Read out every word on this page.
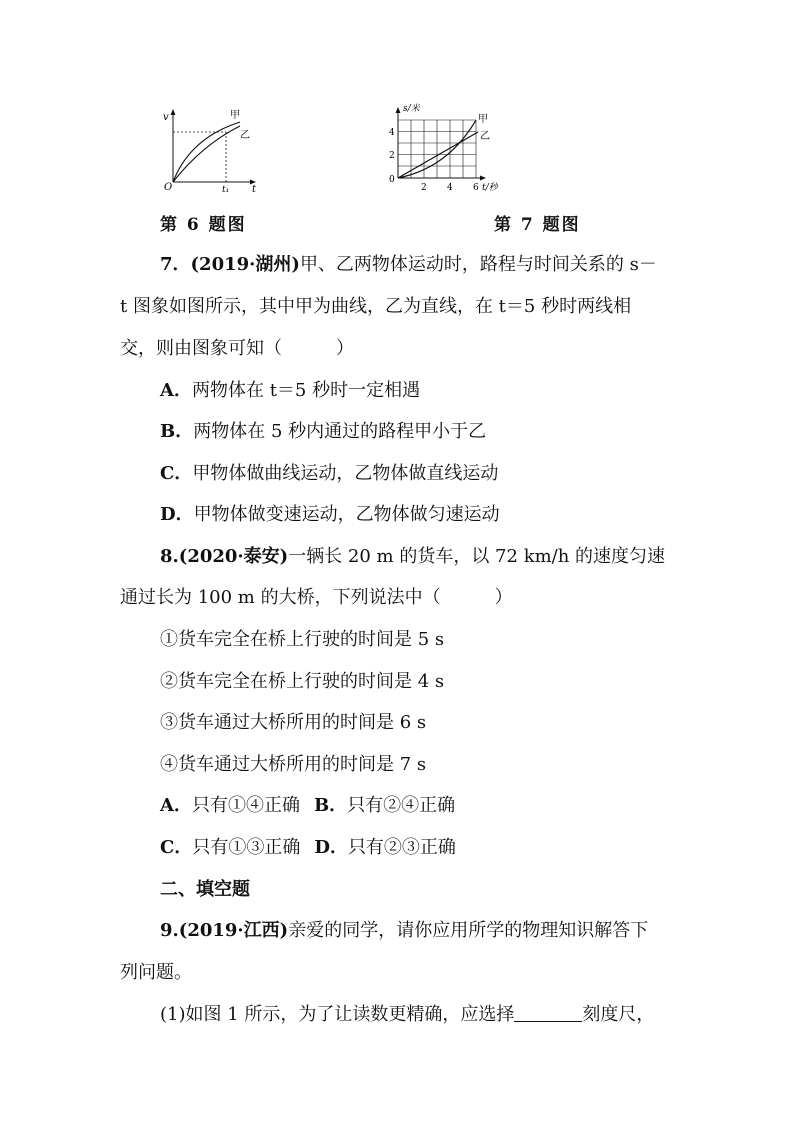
v
t
O	t₁
甲
乙
第 6 题图
s/米
t/秒
0
2
4
2 4 6
甲
乙
第 7 题图
7．(2019·湖州)甲、乙两物体运动时，路程与时间关系的 s－
t 图象如图所示，其中甲为曲线，乙为直线，在 t＝5 秒时两线相
交，则由图象可知（　　　）
A．两物体在 t＝5 秒时一定相遇
B．两物体在 5 秒内通过的路程甲小于乙
C．甲物体做曲线运动，乙物体做直线运动
D．甲物体做变速运动，乙物体做匀速运动
8.(2020·泰安)一辆长 20 m 的货车，以 72 km/h 的速度匀速
通过长为 100 m 的大桥，下列说法中（　　　）
①货车完全在桥上行驶的时间是 5 s
②货车完全在桥上行驶的时间是 4 s
③货车通过大桥所用的时间是 6 s
④货车通过大桥所用的时间是 7 s
A．只有①④正确 B．只有②④正确
C．只有①③正确 D．只有②③正确
二、填空题
9.(2019·江西)亲爱的同学，请你应用所学的物理知识解答下
列问题。
(1)如图 1 所示，为了让读数更精确，应选择	刻度尺，
